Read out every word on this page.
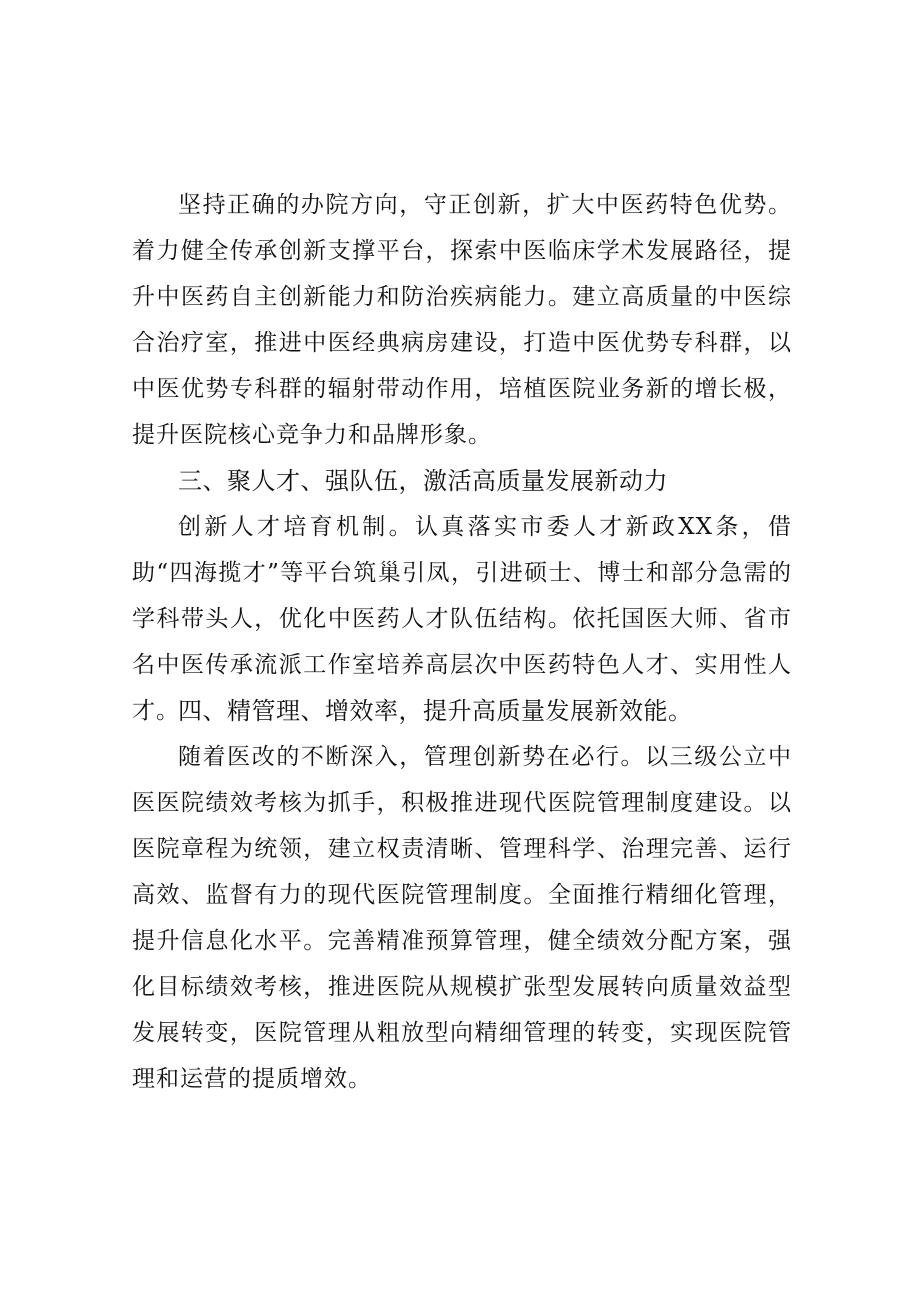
坚持正确的办院方向，守正创新，扩大中医药特色优势。着力健全传承创新支撑平台，探索中医临床学术发展路径，提升中医药自主创新能力和防治疾病能力。建立高质量的中医综合治疗室，推进中医经典病房建设，打造中医优势专科群，以中医优势专科群的辐射带动作用，培植医院业务新的增长极，提升医院核心竞争力和品牌形象。

三、聚人才、强队伍，激活高质量发展新动力

创新人才培育机制。认真落实市委人才新政XX条，借助“四海揽才”等平台筑巢引凤，引进硕士、博士和部分急需的学科带头人，优化中医药人才队伍结构。依托国医大师、省市名中医传承流派工作室培养高层次中医药特色人才、实用性人才。

四、精管理、增效率，提升高质量发展新效能。

随着医改的不断深入，管理创新势在必行。以三级公立中医医院绩效考核为抓手，积极推进现代医院管理制度建设。以医院章程为统领，建立权责清晰、管理科学、治理完善、运行高效、监督有力的现代医院管理制度。全面推行精细化管理，提升信息化水平。完善精准预算管理，健全绩效分配方案，强化目标绩效考核，推进医院从规模扩张型发展转向质量效益型发展转变，医院管理从粗放型向精细管理的转变，实现医院管理和运营的提质增效。
